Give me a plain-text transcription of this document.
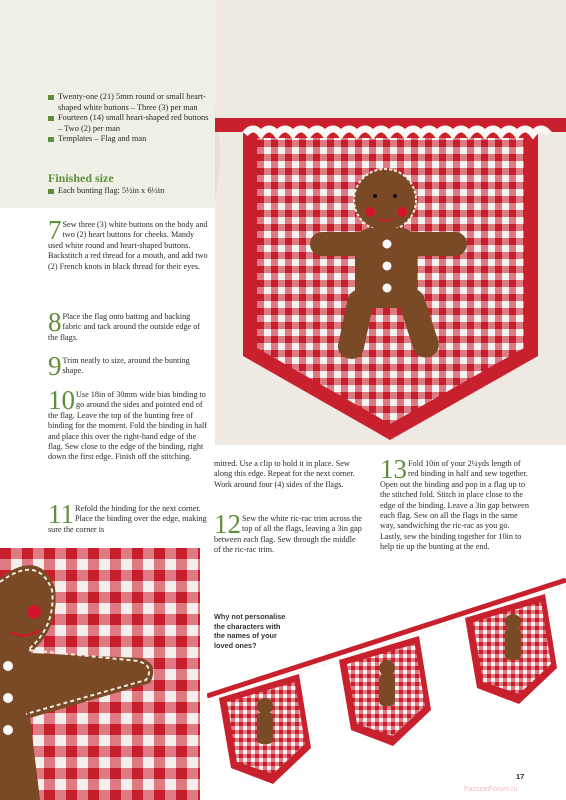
Twenty-one (21) 5mm round or small heart-shaped white buttons – Three (3) per man
Fourteen (14) small heart-shaped red buttons – Two (2) per man
Templates – Flag and man
Finished size
Each bunting flag: 5½in x 6½in
7 Sew three (3) white buttons on the body and two (2) heart buttons for cheeks. Mandy used white round and heart-shaped buttons. Backstitch a red thread for a mouth, and add two (2) French knots in black thread for their eyes.

8 Place the flag onto batting and backing fabric and tack around the outside edge of the flags.

9 Trim neatly to size, around the bunting shape.

10 Use 18in of 30mm wide bias binding to go around the sides and pointed end of the flag. Leave the top of the bunting free of binding for the moment. Fold the binding in half and place this over the right-hand edge of the flag. Sew close to the edge of the binding, right down the first edge. Finish off the stitching.

11 Refold the binding for the next corner. Place the binding over the edge, making sure the corner is

mitred. Use a clip to hold it in place. Sew along this edge. Repeat for the next corner. Work around four (4) sides of the flags.

12 Sew the white ric-rac trim across the top of all the flags, leaving a 3in gap between each flag. Sew through the middle of the ric-rac trim.

13 Fold 10in of your 2¼yds length of red binding in half and sew together. Open out the binding and pop in a flag up to the stitched fold. Stitch in place close to the edge of the binding. Leave a 3in gap between each flag. Sew on all the flags in the same way, sandwiching the ric-rac as you go. Lastly, sew the binding together for 10in to help tie up the bunting at the end.

Why not personalise the characters with the names of your loved ones?
17
PassionForum.ru
